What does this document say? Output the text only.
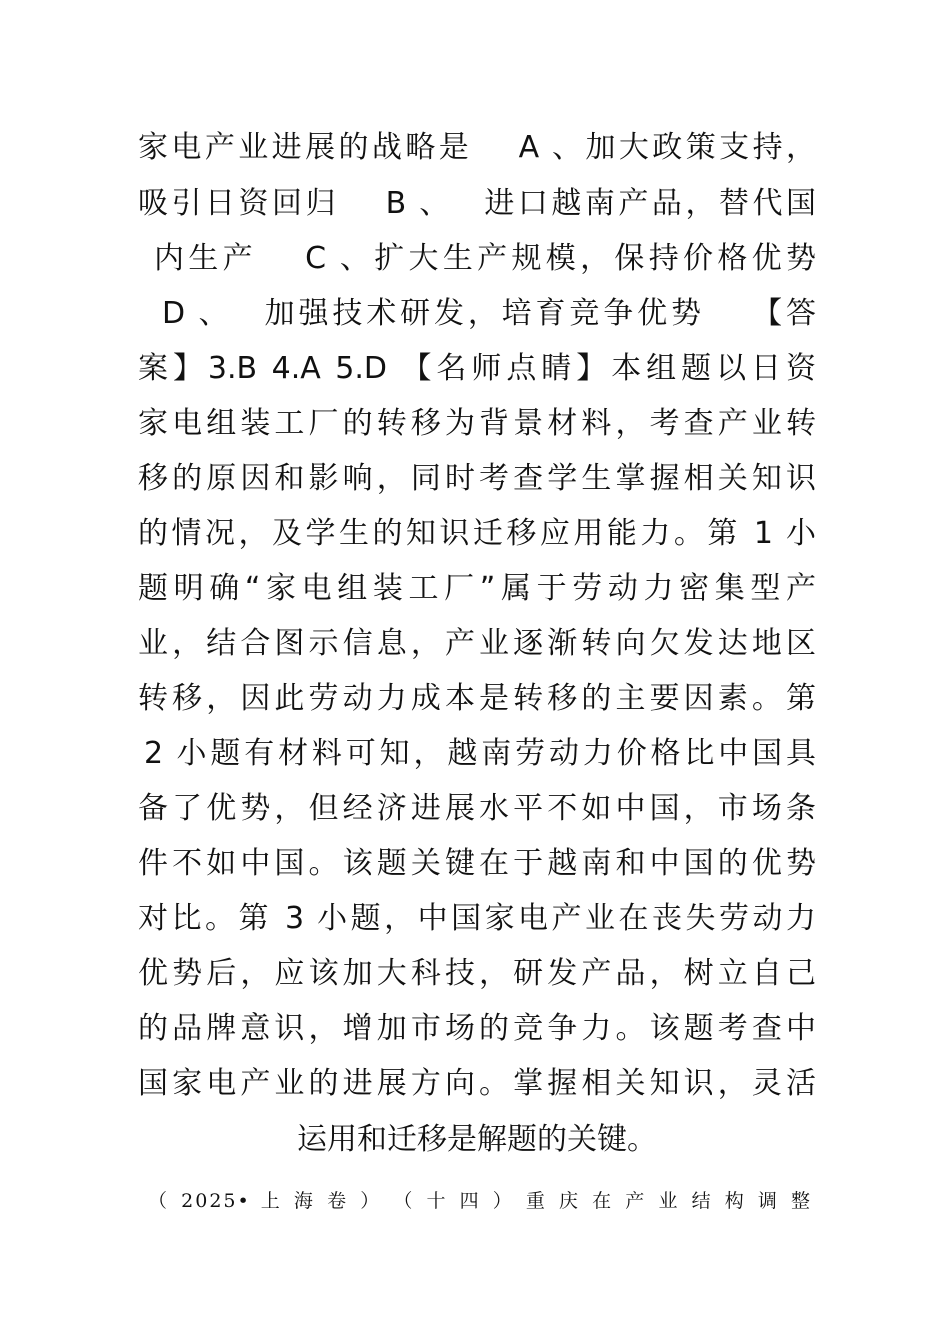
家电产业进展的战略是　 A 、加大政策支持，
吸引日资回归　 B 、　 进口越南产品，替代国
内生产　 C 、扩大生产规模，保持价格优势
D 、　 加强技术研发，培育竞争优势　 【答
案】3.B 4.A 5.D 【名师点睛】本组题以日资
家电组装工厂的转移为背景材料，考查产业转
移的原因和影响，同时考查学生掌握相关知识
的情况，及学生的知识迁移应用能力。第 1 小
题明确“家电组装工厂”属于劳动力密集型产
业，结合图示信息，产业逐渐转向欠发达地区
转移，因此劳动力成本是转移的主要因素。第
2 小题有材料可知，越南劳动力价格比中国具
备了优势，但经济进展水平不如中国，市场条
件不如中国。该题关键在于越南和中国的优势
对比。第 3 小题，中国家电产业在丧失劳动力
优势后，应该加大科技，研发产品，树立自己
的品牌意识，增加市场的竞争力。该题考查中
国家电产业的进展方向。掌握相关知识，灵活
运用和迁移是解题的关键。
（ 2025• 上 海 卷 ） （ 十 四 ） 重 庆 在 产 业 结 构 调 整
